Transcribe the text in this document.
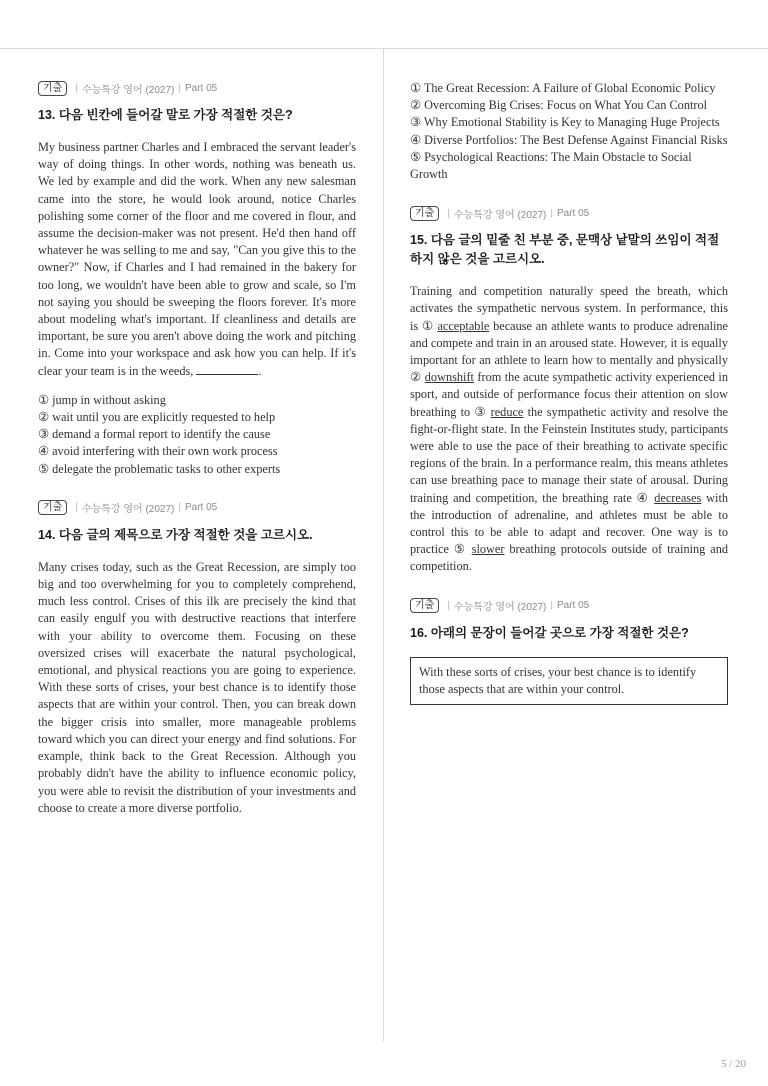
기출	| 수능특강 영어 (2027) | Part 05
13. 다음 빈칸에 들어갈 말로 가장 적절한 것은?

My business partner Charles and I embraced the servant leader's way of doing things. In other words, nothing was beneath us. We led by example and did the work. When any new salesman came into the store, he would look around, notice Charles polishing some corner of the floor and me covered in flour, and assume the decision-maker was not present. He'd then hand off whatever he was selling to me and say, "Can you give this to the owner?" Now, if Charles and I had remained in the bakery for too long, we wouldn't have been able to grow and scale, so I'm not saying you should be sweeping the floors forever. It's more about modeling what's important. If cleanliness and details are important, be sure you aren't above doing the work and pitching in. Come into your workspace and ask how you can help. If it's clear your team is in the weeds,	.

① jump in without asking
② wait until you are explicitly requested to help
③ demand a formal report to identify the cause
④ avoid interfering with their own work process
⑤ delegate the problematic tasks to other experts
기출	| 수능특강 영어 (2027) | Part 05
14. 다음 글의 제목으로 가장 적절한 것을 고르시오.

Many crises today, such as the Great Recession, are simply too big and too overwhelming for you to completely comprehend, much less control. Crises of this ilk are precisely the kind that can easily engulf you with destructive reactions that interfere with your ability to overcome them. Focusing on these oversized crises will exacerbate the natural psychological, emotional, and physical reactions you are going to experience. With these sorts of crises, your best chance is to identify those aspects that are within your control. Then, you can break down the bigger crisis into smaller, more manageable problems toward which you can direct your energy and find solutions. For example, think back to the Great Recession. Although you probably didn't have the ability to influence economic policy, you were able to revisit the distribution of your investments and choose to create a more diverse portfolio.

① The Great Recession: A Failure of Global Economic Policy
② Overcoming Big Crises: Focus on What You Can Control
③ Why Emotional Stability is Key to Managing Huge Projects
④ Diverse Portfolios: The Best Defense Against Financial Risks
⑤ Psychological Reactions: The Main Obstacle to Social Growth
기출	| 수능특강 영어 (2027) | Part 05
15. 다음 글의 밑줄 친 부분 중, 문맥상 낱말의 쓰임이 적절하지 않은 것을 고르시오.

Training and competition naturally speed the breath, which activates the sympathetic nervous system. In performance, this is ① acceptable because an athlete wants to produce adrenaline and compete and train in an aroused state. However, it is equally important for an athlete to learn how to mentally and physically ② downshift from the acute sympathetic activity experienced in sport, and outside of performance focus their attention on slow breathing to ③ reduce the sympathetic activity and resolve the fight-or-flight state. In the Feinstein Institutes study, participants were able to use the pace of their breathing to activate specific regions of the brain. In a performance realm, this means athletes can use breathing pace to manage their state of arousal. During training and competition, the breathing rate ④ decreases with the introduction of adrenaline, and athletes must be able to control this to be able to adapt and recover. One way is to practice ⑤ slower breathing protocols outside of training and competition.

기출	| 수능특강 영어 (2027) | Part 05
16. 아래의 문장이 들어갈 곳으로 가장 적절한 것은?
With these sorts of crises, your best chance is to identify those aspects that are within your control.
5 / 20
